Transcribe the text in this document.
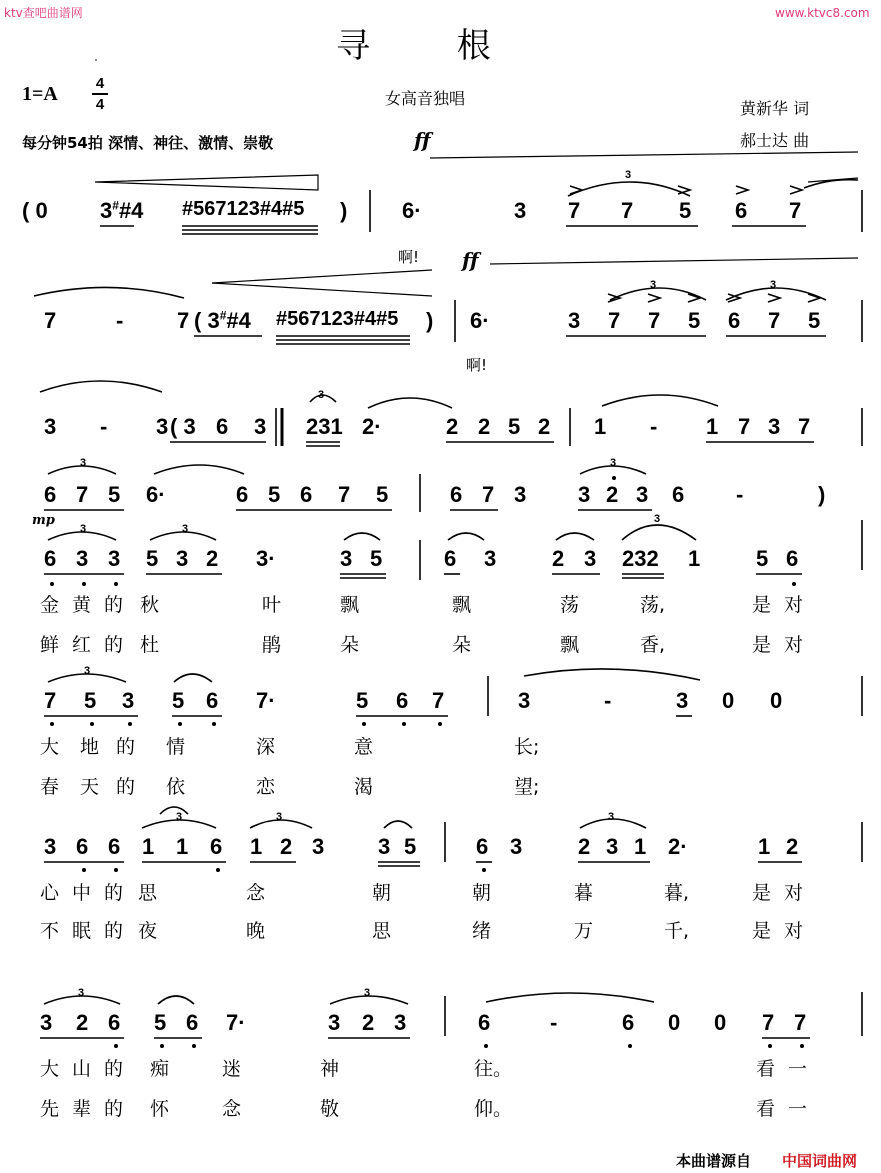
ktv查吧曲谱网	www.ktvc8.com
寻 根
1=A	4
4	女高音独唱
黄新华 词
郝士达 曲
每分钟54拍 深情、神往、激情、崇敬	ff
( 0 3##4 #567123#4#5 ) 6·	3 7 7 5 6 7
啊! ff
7	- 7 ( 3##4 #567123#4#5 ) 6·	3 7 7 5 6 7 5
啊!
3 - 3 ( 3 6 3 231 2·	2 2 5 2 1 - 1 7 3 7
6 7 5 6·	6 5 6 7 5	6 7 3 3 2 3 6 -	)
mp
6 3 3 5 3 2 3·	3 5	6 3	2 3 232 1	5 6
金 黄 的 秋	叶	飘	飘	荡	荡,	是 对
鲜 红 的 杜	鹃	朵	朵	飘	香,	是 对
7 5 3 5 6 7·	5 6 7	3	-	3 0 0
大 地 的 情	深	意	长;
春 天 的 依	恋	渴	望;
3 6 6 1 1 6 1 2 3 3 5	6 3	2 3 1 2·	1 2
心 中 的 思	念	朝	朝	暮	暮,	是 对
不 眠 的 夜	晚	思	绪	万	千,	是 对
3 2 6 5 6 7·	3 2 3	6	-	6 0 0 7 7
大 山 的 痴	迷	神	往。	看 一
先 辈 的 怀	念	敬	仰。	看 一
本曲谱源自 中国词曲网
3
3	3
3
3	3
3	3
3
3
3	3	3
3	3
